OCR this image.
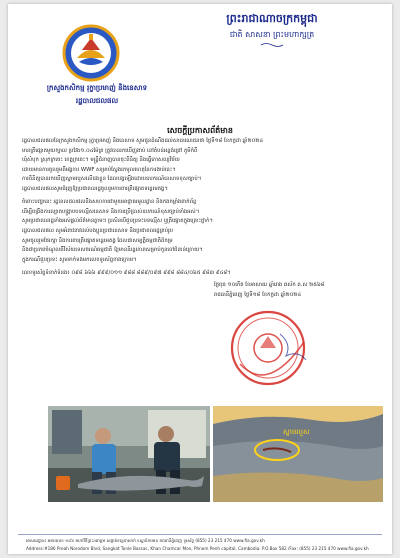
ព្រះរាជាណាចក្រកម្ពុជា
ជាតិ សាសនា ព្រះមហាក្សត្រ
ក្រសួងកសិកម្ម រុក្ខាប្រមាញ់ និងនេសាទ
រដ្ឋបាលជលផល
សេចក្តីប្រកាសព័ត៌មាន
រដ្ឋបាលជលផលនៃក្រសួងកសិកម្ម រុក្ខាប្រមាញ់ និងនេសាទ សូមជូនដំណឹងដល់សាធារណជនថា ថ្ងៃទី១៨ ខែកក្កដា ឆ្នាំ២០២៤
មានត្រីផ្សោតមួយក្បាល ប្រវែង១.០៤ម៉ែត្រ ត្រូវបានរកឃើញងាប់ នៅតំបន់អន្លង់ជ្រៅ ភូមិកំពី
ឃុំសំបុក ស្រុកក្រចេះ ខេត្តក្រចេះ។ មន្ត្រីជំនាញបានចុះពិនិត្យ និងធ្វើកោសល្យវិច័យ
ដោយមានការចូលរួមពីអង្គការ WWF សម្រាប់ស្វែងរកមូលហេតុនៃការងាប់នេះ។
ការពិនិត្យបានរកឃើញស្នាមរបួសលើដងខ្លួន ដែលបង្កឡើងដោយឧបករណ៍នេសាទខុសច្បាប់។
រដ្ឋបាលជលផលសូមជំរុញឱ្យប្រជាពលរដ្ឋចូលរួមការពារត្រីផ្សោតទន្លេមេគង្គ។
ចំពោះបញ្ហានេះ រដ្ឋបាលជលផលនឹងសហការជាមួយអាជ្ញាធរមូលដ្ឋាន និងកងកម្លាំងពាក់ព័ន្ធ
ដើម្បីពង្រឹងការល្បាតបង្ក្រាបបទល្មើសនេសាទ និងការប្រើប្រាស់ឧបករណ៍ខុសច្បាប់ទាំងអស់។
សូមប្រជាពលរដ្ឋទាំងអស់ផ្តល់ព័ត៌មានភ្លាមៗ ប្រសិនបើជួបប្រទះបទល្មើស ឬត្រីផ្សោតក្នុងគ្រោះថ្នាក់។
រដ្ឋបាលជលផល សូមអំពាវនាវដល់បងប្អូនប្រជានេសាទ និងប្រជាពលរដ្ឋគ្រប់រូប
សូមចូលរួមថែរក្សា និងការពារត្រីផ្សោតទន្លេមេគង្គ ដែលជាសម្បត្តិធម្មជាតិដ៏កម្រ
និងជាប្រភពចំណូលពីវិស័យទេសចរណ៍ធម្មជាតិ ឱ្យមាននិរន្តរភាពសម្រាប់កូនចៅជំនាន់ក្រោយ។
ក្នុងករណីជួបប្រទះ សូមទាក់ទងមកលេខទូរស័ព្ទខាងក្រោម។
លេខទូរស័ព្ទទំនាក់ទំនង៖ ០៩៨ ៦៦៦ ៩៩៩/០១១ ៩៨៨ ៨៨៩/០៩៧ ៩៩៨ ៨៨៤/០៦៥ ៩៨៣ ៩៤៨។
ថ្ងៃពុធ ១០កើត ខែអាសាឍ ឆ្នាំរោង ឆស័ក ព.ស ២៥៦៨
រាជធានីភ្នំពេញ ថ្ងៃទី១៨ ខែកក្កដា ឆ្នាំ២០២៤
ស្នាមរបួស
អាសយដ្ឋាន៖ អគារលេខ ១៨៦ មហាវិថីព្រះនរោត្តម សង្កាត់ទន្លេបាសាក់ ខណ្ឌចំការមន រាជធានីភ្នំពេញ ទូរស័ព្ទ (855) 23 215 470 www.fia.gov.kh
Address:#186 Preah Norodom Blvd, Sangkat Tonle Bassac, Khan Chamcar Mon, Phnom Penh capital, Cambodia. P.O.Box 582 /Fax: (855) 23 215 470 www.fia.gov.kh
